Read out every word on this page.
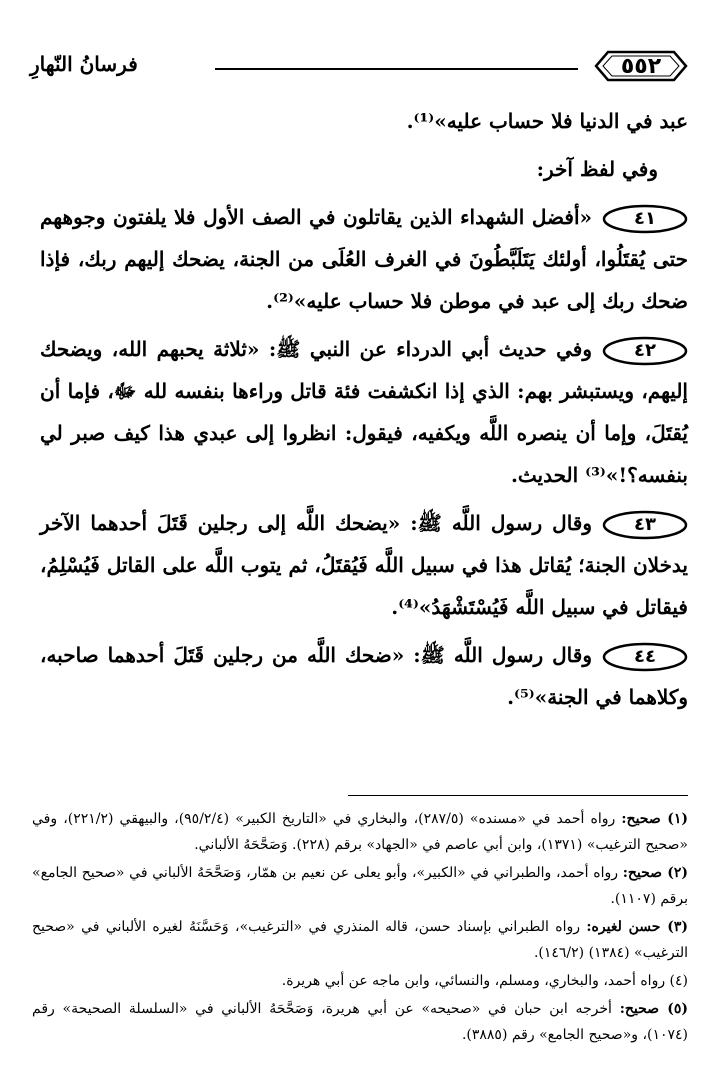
٥٥٢
فرسانُ النّهارِ

عبد في الدنيا فلا حساب عليه»⁽¹⁾.

وفي لفظ آخر:

٤١«أفضل الشهداء الذين يقاتلون في الصف الأول فلا يلفتون وجوههم حتى يُقتَلُوا، أولئك يَتَلَبَّطُونَ في الغرف العُلَى من الجنة، يضحك إليهم ربك، فإذا ضحك ربك إلى عبد في موطن فلا حساب عليه»⁽²⁾.

٤٢وفي حديث أبي الدرداء عن النبي ﷺ: «ثلاثة يحبهم الله، ويضحك إليهم، ويستبشر بهم: الذي إذا انكشفت فئة قاتل وراءها بنفسه لله ﷻ، فإما أن يُقتَلَ، وإما أن ينصره اللَّه ويكفيه، فيقول: انظروا إلى عبدي هذا كيف صبر لي بنفسه؟!»⁽³⁾ الحديث.

٤٣وقال رسول اللَّه ﷺ: «يضحك اللَّه إلى رجلين قَتَلَ أحدهما الآخر يدخلان الجنة؛ يُقاتل هذا في سبيل اللَّه فَيُقتَلُ، ثم يتوب اللَّه على القاتل فَيُسْلِمُ، فيقاتل في سبيل اللَّه فَيُسْتَشْهَدُ»⁽⁴⁾.

٤٤وقال رسول اللَّه ﷺ: «ضحك اللَّه من رجلين قَتَلَ أحدهما صاحبه، وكلاهما في الجنة»⁽⁵⁾.

(١) صحيح: رواه أحمد في «مسنده» (٢٨٧/٥)، والبخاري في «التاريخ الكبير» (٩٥/٢/٤)، والبيهقي (٢٢١/٢)، وفي «صحيح الترغيب» (١٣٧١)، وابن أبي عاصم في «الجهاد» برقم (٢٢٨). وَصَحَّحَهُ الألباني.

(٢) صحيح: رواه أحمد، والطبراني في «الكبير»، وأبو يعلى عن نعيم بن همّار، وَصَحَّحَهُ الألباني في «صحيح الجامع» برقم (١١٠٧).

(٣) حسن لغيره: رواه الطبراني بإسناد حسن، قاله المنذري في «الترغيب»، وَحَسَّنَهُ لغيره الألباني في «صحيح الترغيب» (١٣٨٤) (١٤٦/٢).

(٤) رواه أحمد، والبخاري، ومسلم، والنسائي، وابن ماجه عن أبي هريرة.

(٥) صحيح: أخرجه ابن حبان في «صحيحه» عن أبي هريرة، وَصَحَّحَهُ الألباني في «السلسلة الصحيحة» رقم (١٠٧٤)، و«صحيح الجامع» رقم (٣٨٨٥).
